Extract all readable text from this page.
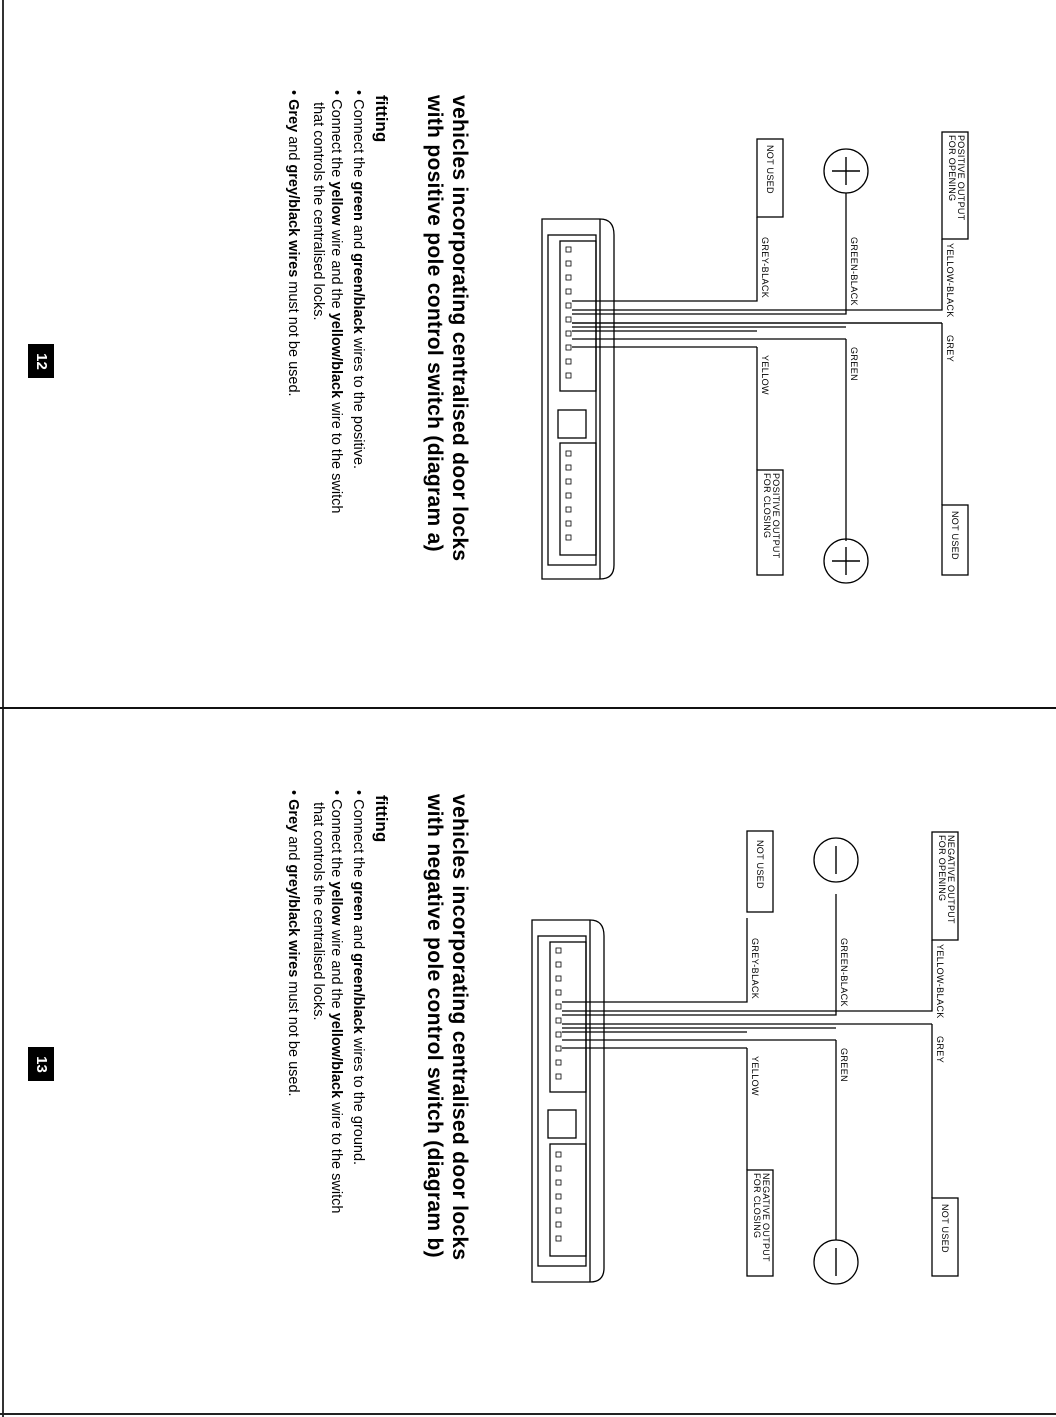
12	vehicles incorporating centralised door locks
with positive pole control switch (diagram a)
fitting
• Connect the green and green/black wires to the positive.
• Connect the yellow wire and the yellow/black wire to the switch
that controls the centralised locks.
• Grey and grey/black wires must not be used.
POSITIVE OUTPUT
FOR OPENING
NOT USED
POSITIVE OUTPUT
FOR CLOSING	NOT USED
YELLOW-BLACK
GREEN-BLACK
GREY-BLACK
GREY
GREEN
YELLOW
13	vehicles incorporating centralised door locks
with negative pole control switch (diagram b)
fitting
• Connect the green and green/black wires to the ground.
• Connect the yellow wire and the yellow/black wire to the switch
that controls the centralised locks.
• Grey and grey/black wires must not be used.
NEGATIVE OUTPUT
FOR OPENING
NOT USED
NEGATIVE OUTPUT
FOR CLOSING	NOT USED
YELLOW-BLACK
GREEN-BLACK
GREY-BLACK
GREY
GREEN
YELLOW
